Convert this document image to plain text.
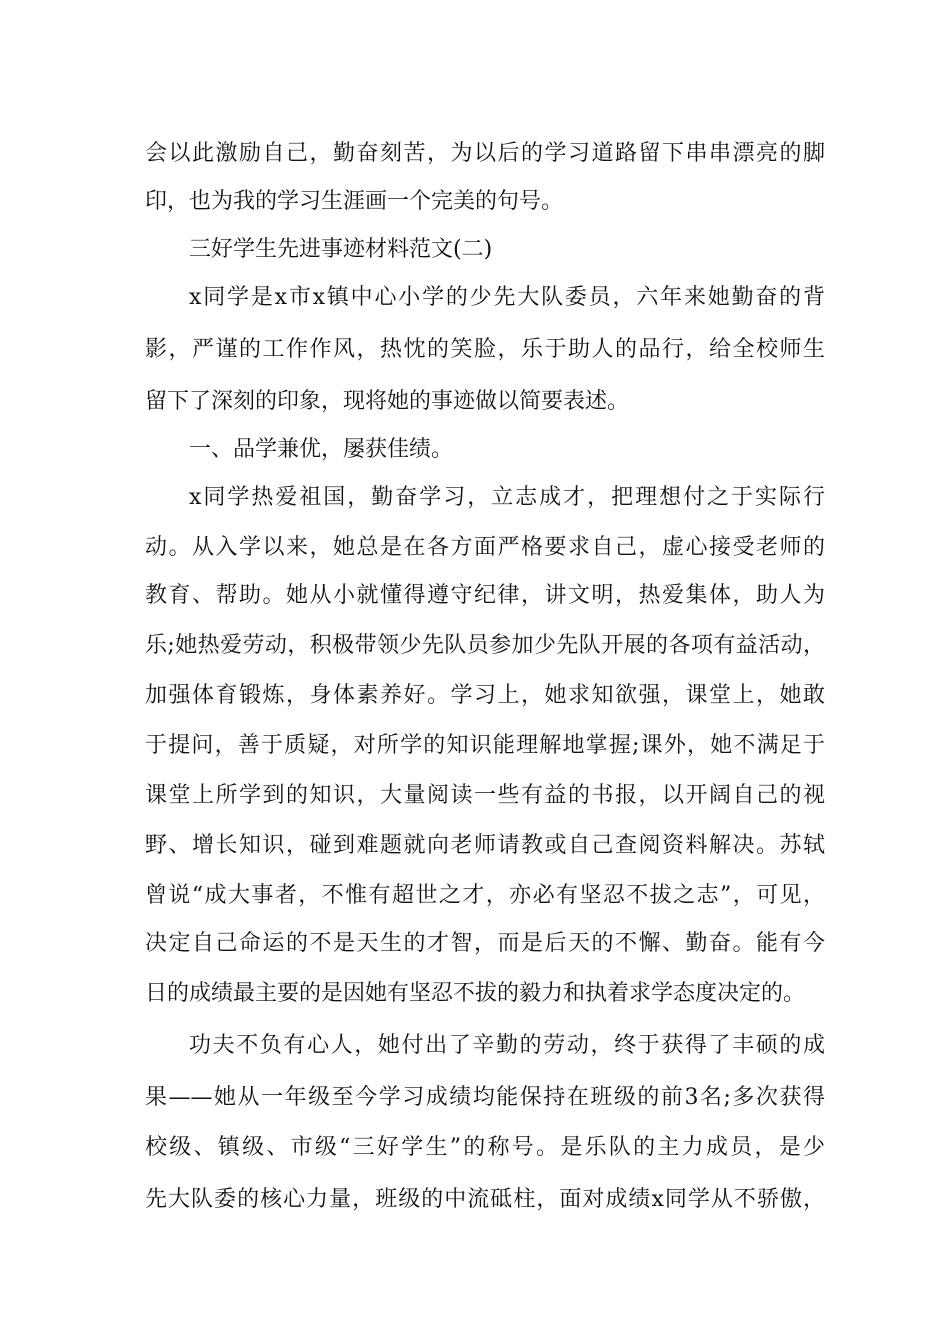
会以此激励自己，勤奋刻苦，为以后的学习道路留下串串漂亮的脚
印，也为我的学习生涯画一个完美的句号。
三好学生先进事迹材料范文(二)
x同学是x市x镇中心小学的少先大队委员，六年来她勤奋的背
影，严谨的工作作风，热忱的笑脸，乐于助人的品行，给全校师生
留下了深刻的印象，现将她的事迹做以简要表述。
一、品学兼优，屡获佳绩。
x同学热爱祖国，勤奋学习，立志成才，把理想付之于实际行
动。从入学以来，她总是在各方面严格要求自己，虚心接受老师的
教育、帮助。她从小就懂得遵守纪律，讲文明，热爱集体，助人为
乐;她热爱劳动，积极带领少先队员参加少先队开展的各项有益活动，
加强体育锻炼，身体素养好。学习上，她求知欲强，课堂上，她敢
于提问，善于质疑，对所学的知识能理解地掌握;课外，她不满足于
课堂上所学到的知识，大量阅读一些有益的书报，以开阔自己的视
野、增长知识，碰到难题就向老师请教或自己查阅资料解决。苏轼
曾说“成大事者，不惟有超世之才，亦必有坚忍不拔之志”，可见，
决定自己命运的不是天生的才智，而是后天的不懈、勤奋。能有今
日的成绩最主要的是因她有坚忍不拔的毅力和执着求学态度决定的。
功夫不负有心人，她付出了辛勤的劳动，终于获得了丰硕的成
果——她从一年级至今学习成绩均能保持在班级的前3名;多次获得
校级、镇级、市级“三好学生”的称号。是乐队的主力成员，是少
先大队委的核心力量，班级的中流砥柱，面对成绩x同学从不骄傲，
